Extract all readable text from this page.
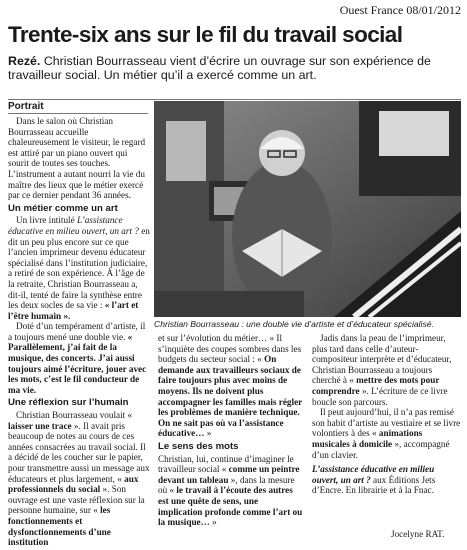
Ouest France 08/01/2012
Trente-six ans sur le fil du travail social
Rezé. Christian Bourrasseau vient d’écrire un ouvrage sur son expérience de travailleur social. Un métier qu’il a exercé comme un art.
Portrait

Dans le salon où Christian Bourrasseau accueille chaleureusement le visiteur, le regard est attiré par un piano ouvert qui sourit de toutes ses touches. L’instrument a autant nourri la vie du maître des lieux que le métier exercé par ce dernier pendant 36 années.

Un métier comme un art

Un livre intitulé L’assistance éducative en milieu ouvert, un art ? en dit un peu plus encore sur ce que l’ancien imprimeur devenu éducateur spécialisé dans l’institution judiciaire, a retiré de son expérience. À l’âge de la retraite, Christian Bourrasseau a, dit-il, tenté de faire la synthèse entre les deux socles de sa vie : « l’art et l’être humain ».

Doté d’un tempérament d’artiste, il a toujours mené une double vie. « Parallèlement, j’ai fait de la musique, des concerts. J’ai aussi toujours aimé l’écriture, jouer avec les mots, c’est le fil conducteur de ma vie.

Une réflexion sur l’humain

Christian Bourrasseau voulait « laisser une trace ». Il avait pris beaucoup de notes au cours de ces années consacrées au travail social. Il a décidé de les coucher sur le papier, pour transmettre aussi un message aux éducateurs et plus largement, « aux professionnels du social ». Son ouvrage est une vaste réflexion sur la personne humaine, sur « les fonctionnements et dysfonctionnements d’une institution

Christian Bourrasseau : une double vie d’artiste et d’éducateur spécialisé.

et sur l’évolution du métier… » Il s’inquiète des coupes sombres dans les budgets du secteur social : « On demande aux travailleurs sociaux de faire toujours plus avec moins de moyens. Ils ne doivent plus accompagner les familles mais régler les problèmes de manière technique. On ne sait pas où va l’assistance éducative… »

Le sens des mots

Christian, lui, continue d’imaginer le travailleur social « comme un peintre devant un tableau », dans la mesure où « le travail à l’écoute des autres est une quête de sens, une implication profonde comme l’art ou la musique… »

Jadis dans la peau de l’imprimeur, plus tard dans celle d’auteur-compositeur interprète et d’éducateur, Christian Bourrasseau a toujours cherché à « mettre des mots pour comprendre ». L’écriture de ce livre boucle son parcours.

Il peut aujourd’hui, il n’a pas remisé son habit d’artiste au vestiaire et se livre volontiers à des « animations musicales à domicile », accompagné d’un clavier.

L’assistance éducative en milieu ouvert, un art ? aux Éditions Jets d’Encre. En librairie et à la Fnac.

Jocelyne RAT.
